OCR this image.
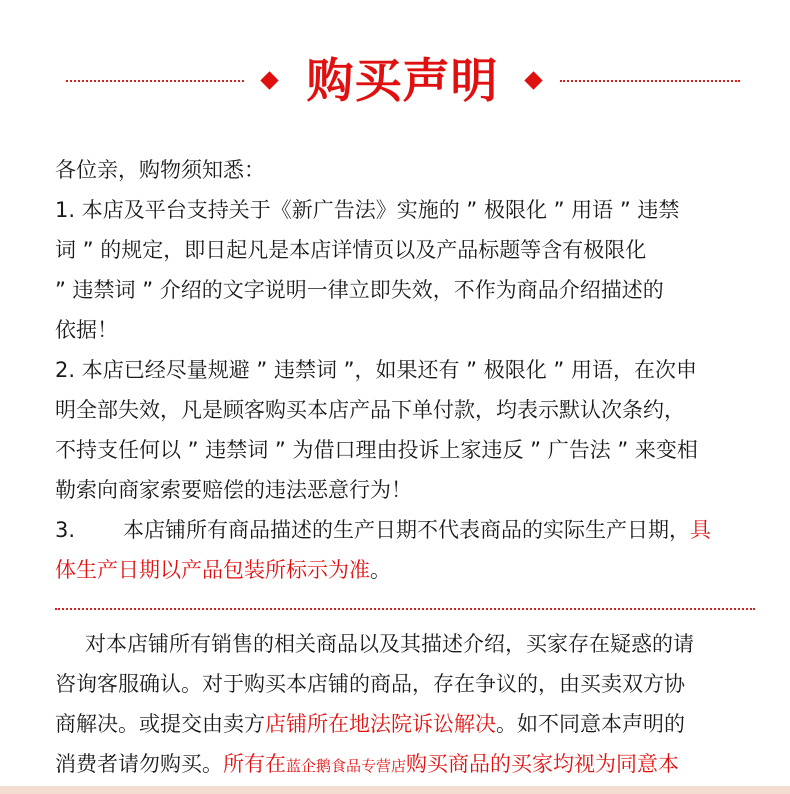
购买声明
各位亲，购物须知悉：
1. 本店及平台支持关于《新广告法》实施的 ” 极限化 ” 用语 ” 违禁
词 ” 的规定，即日起凡是本店详情页以及产品标题等含有极限化
” 违禁词 ” 介绍的文字说明一律立即失效，不作为商品介绍描述的
依据！
2. 本店已经尽量规避 ” 违禁词 ”，如果还有 ” 极限化 ” 用语，在次申
明全部失效，凡是顾客购买本店产品下单付款，均表示默认次条约，
不持支任何以 ” 违禁词 ” 为借口理由投诉上家违反 ” 广告法 ” 来变相
勒索向商家索要赔偿的违法恶意行为！
3. 本店铺所有商品描述的生产日期不代表商品的实际生产日期，具
体生产日期以产品包装所标示为准。
对本店铺所有销售的相关商品以及其描述介绍，买家存在疑惑的请
咨询客服确认。对于购买本店铺的商品，存在争议的，由买卖双方协
商解决。或提交由卖方店铺所在地法院诉讼解决。如不同意本声明的
消费者请勿购买。所有在蓝企鹅食品专营店购买商品的买家均视为同意本
